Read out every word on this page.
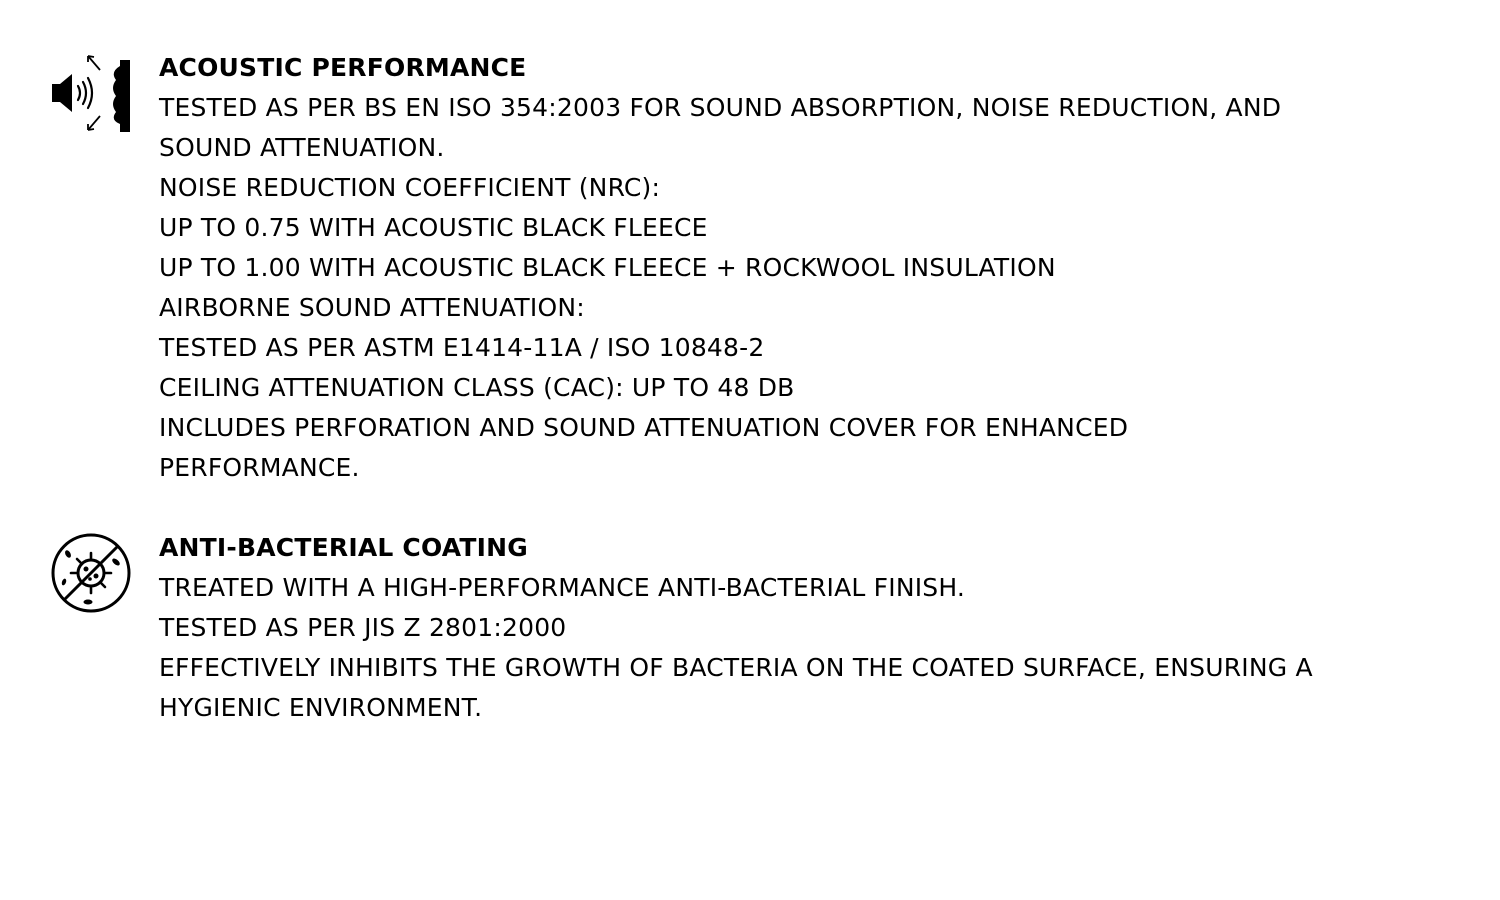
ACOUSTIC PERFORMANCE
TESTED AS PER BS EN ISO 354:2003 FOR SOUND ABSORPTION, NOISE REDUCTION, AND
SOUND ATTENUATION.
NOISE REDUCTION COEFFICIENT (NRC):
UP TO 0.75 WITH ACOUSTIC BLACK FLEECE
UP TO 1.00 WITH ACOUSTIC BLACK FLEECE + ROCKWOOL INSULATION
AIRBORNE SOUND ATTENUATION:
TESTED AS PER ASTM E1414-11A / ISO 10848-2
CEILING ATTENUATION CLASS (CAC): UP TO 48 DB
INCLUDES PERFORATION AND SOUND ATTENUATION COVER FOR ENHANCED
PERFORMANCE.
ANTI-BACTERIAL COATING
TREATED WITH A HIGH-PERFORMANCE ANTI-BACTERIAL FINISH.
TESTED AS PER JIS Z 2801:2000
EFFECTIVELY INHIBITS THE GROWTH OF BACTERIA ON THE COATED SURFACE, ENSURING A
HYGIENIC ENVIRONMENT.
